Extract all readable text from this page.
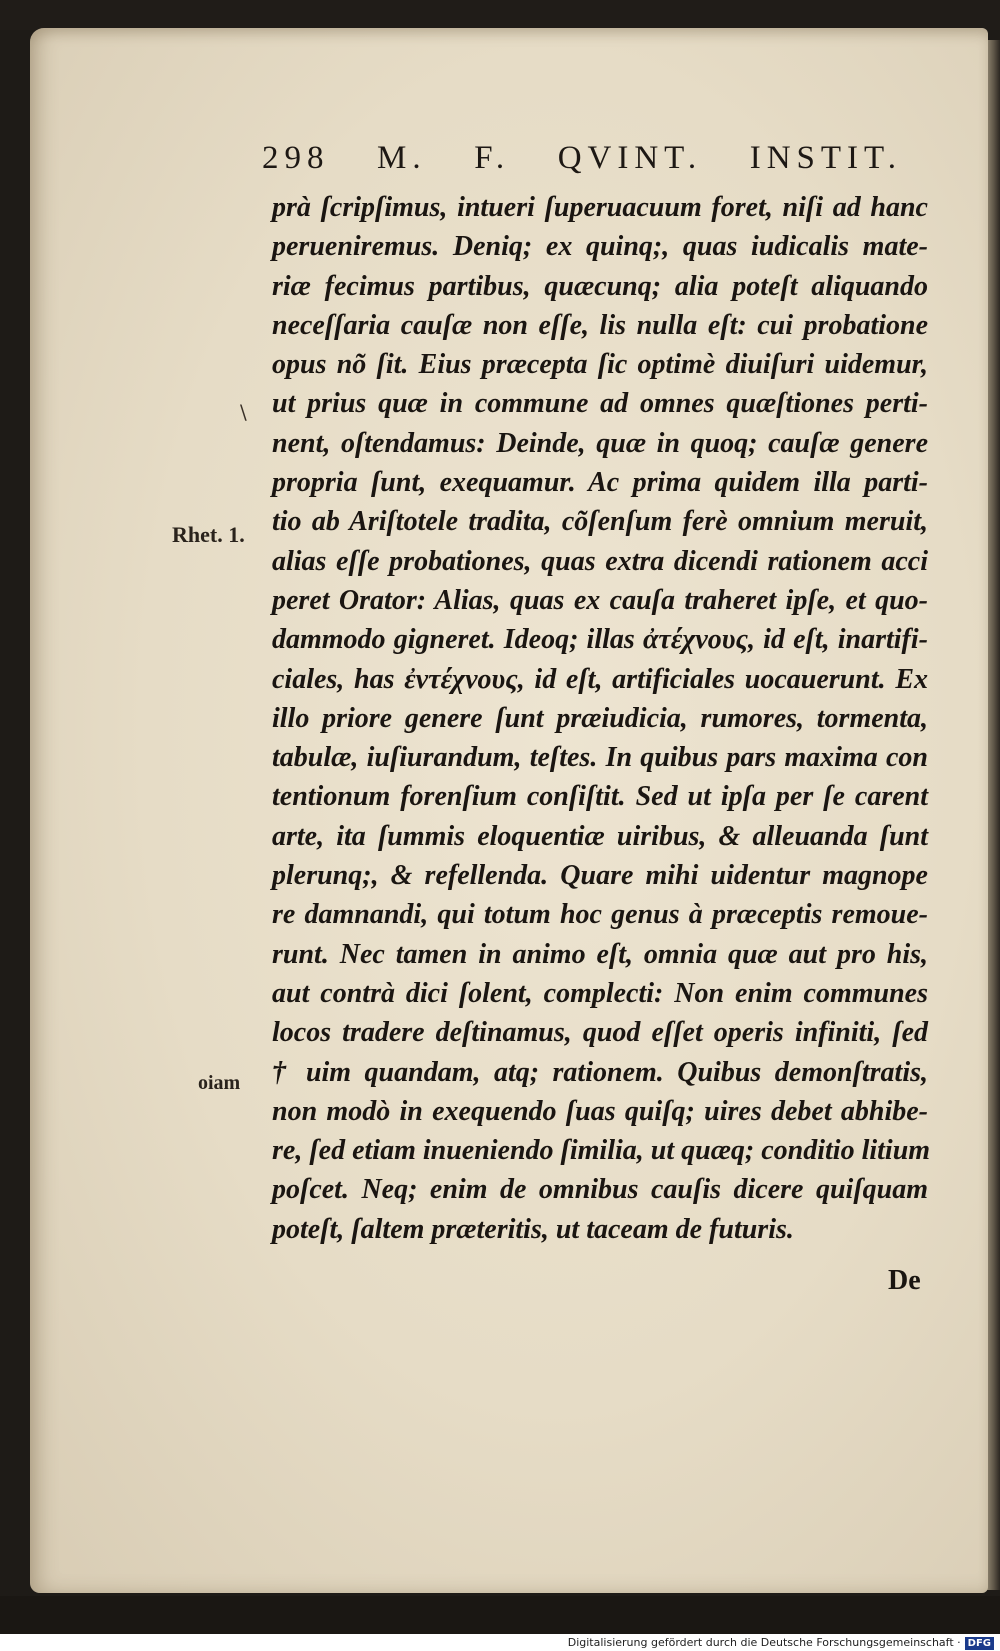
298 M. F. QVINT. INSTIT.
Rhet. 1.
oiam
\
prà ſcripſimus, intueri ſuperuacuum foret, niſi ad hanc
perueniremus. Deniq; ex quinq;, quas iudicalis mate-
riæ fecimus partibus, quæcunq; alia poteſt aliquando
neceſſaria cauſæ non eſſe, lis nulla eſt: cui probatione
opus nõ ſit. Eius præcepta ſic optimè diuiſuri uidemur,
ut prius quæ in commune ad omnes quæſtiones perti-
nent, oſtendamus: Deinde, quæ in quoq; cauſæ genere
propria ſunt, exequamur. Ac prima quidem illa parti-
tio ab Ariſtotele tradita, cõſenſum ferè omnium meruit,
alias eſſe probationes, quas extra dicendi rationem acci
peret Orator: Alias, quas ex cauſa traheret ipſe, et quo-
dammodo gigneret. Ideoq; illas ἀτέχνους, id eſt, inartifi-
ciales, has ἐντέχνους, id eſt, artificiales uocauerunt. Ex
illo priore genere ſunt præiudicia, rumores, tormenta,
tabulæ, iuſiurandum, teſtes. In quibus pars maxima con
tentionum forenſium conſiſtit. Sed ut ipſa per ſe carent
arte, ita ſummis eloquentiæ uiribus, & alleuanda ſunt
plerunq;, & refellenda. Quare mihi uidentur magnope
re damnandi, qui totum hoc genus à præceptis remoue-
runt. Nec tamen in animo eſt, omnia quæ aut pro his,
aut contrà dici ſolent, complecti: Non enim communes
locos tradere deſtinamus, quod eſſet operis infiniti, ſed
† uim quandam, atq; rationem. Quibus demonſtratis,
non modò in exequendo ſuas quiſq; uires debet abhibe-
re, ſed etiam inueniendo ſimilia, ut quæq; conditio litium
poſcet. Neq; enim de omnibus cauſis dicere quiſquam
poteſt, ſaltem præteritis, ut taceam de futuris.
De
Digitalisierung gefördert durch die Deutsche Forschungsgemeinschaft · DFG
